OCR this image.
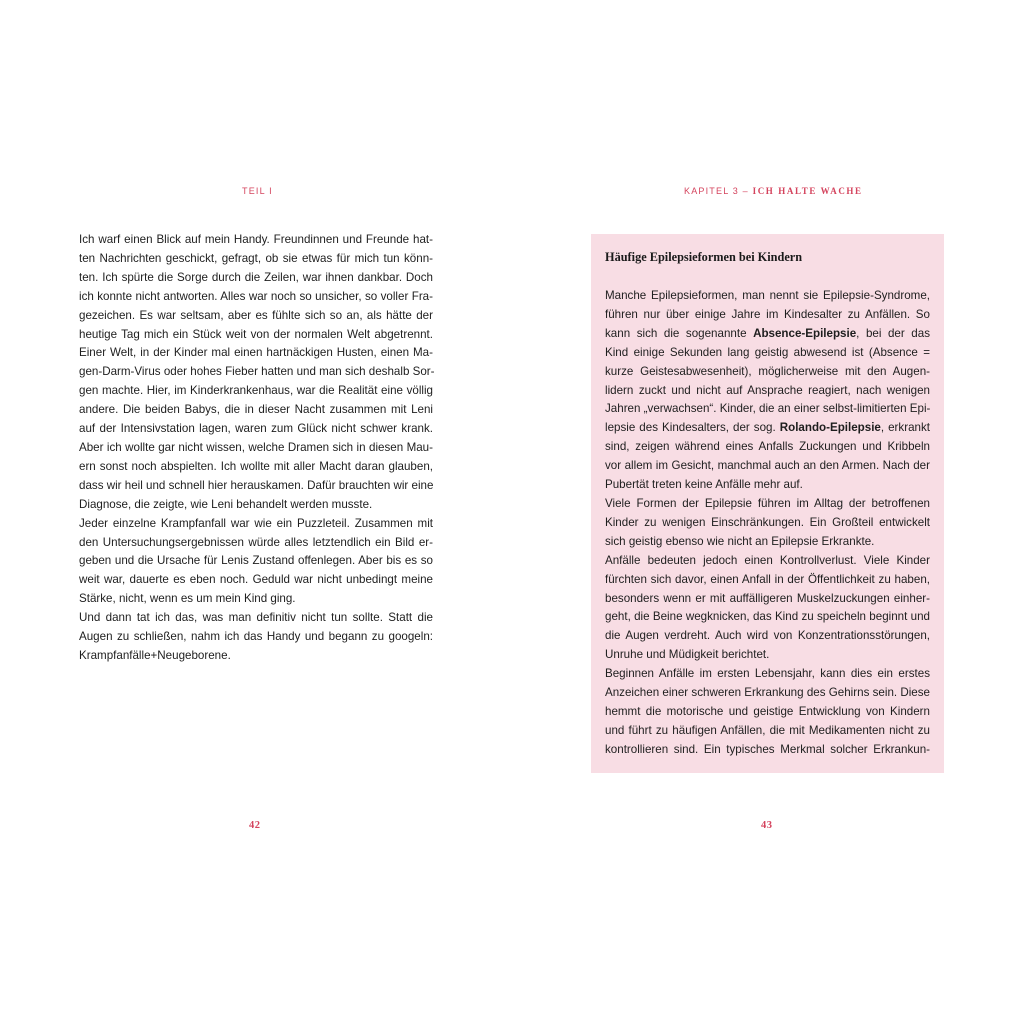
TEIL I	KAPITEL 3 – ICH HALTE WACHE
Ich warf einen Blick auf mein Handy. Freundinnen und Freunde hat-
ten Nachrichten geschickt, gefragt, ob sie etwas für mich tun könn-
ten. Ich spürte die Sorge durch die Zeilen, war ihnen dankbar. Doch
ich konnte nicht antworten. Alles war noch so unsicher, so voller Fra-
gezeichen. Es war seltsam, aber es fühlte sich so an, als hätte der
heutige Tag mich ein Stück weit von der normalen Welt abgetrennt.
Einer Welt, in der Kinder mal einen hartnäckigen Husten, einen Ma-
gen-Darm-Virus oder hohes Fieber hatten und man sich deshalb Sor-
gen machte. Hier, im Kinderkrankenhaus, war die Realität eine völlig
andere. Die beiden Babys, die in dieser Nacht zusammen mit Leni
auf der Intensivstation lagen, waren zum Glück nicht schwer krank.
Aber ich wollte gar nicht wissen, welche Dramen sich in diesen Mau-
ern sonst noch abspielten. Ich wollte mit aller Macht daran glauben,
dass wir heil und schnell hier herauskamen. Dafür brauchten wir eine
Diagnose, die zeigte, wie Leni behandelt werden musste.
Jeder einzelne Krampfanfall war wie ein Puzzleteil. Zusammen mit
den Untersuchungsergebnissen würde alles letztendlich ein Bild er-
geben und die Ursache für Lenis Zustand offenlegen. Aber bis es so
weit war, dauerte es eben noch. Geduld war nicht unbedingt meine
Stärke, nicht, wenn es um mein Kind ging.
Und dann tat ich das, was man definitiv nicht tun sollte. Statt die
Augen zu schließen, nahm ich das Handy und begann zu googeln:
Krampfanfälle+Neugeborene.
Häufige Epilepsieformen bei Kindern
Manche Epilepsieformen, man nennt sie Epilepsie-Syndrome,
führen nur über einige Jahre im Kindesalter zu Anfällen. So
kann sich die sogenannte Absence-Epilepsie, bei der das
Kind einige Sekunden lang geistig abwesend ist (Absence =
kurze Geistesabwesenheit), möglicherweise mit den Augen-
lidern zuckt und nicht auf Ansprache reagiert, nach wenigen
Jahren „verwachsen“. Kinder, die an einer selbst-limitierten Epi-
lepsie des Kindesalters, der sog. Rolando-Epilepsie, erkrankt
sind, zeigen während eines Anfalls Zuckungen und Kribbeln
vor allem im Gesicht, manchmal auch an den Armen. Nach der
Pubertät treten keine Anfälle mehr auf.
Viele Formen der Epilepsie führen im Alltag der betroffenen
Kinder zu wenigen Einschränkungen. Ein Großteil entwickelt
sich geistig ebenso wie nicht an Epilepsie Erkrankte.
Anfälle bedeuten jedoch einen Kontrollverlust. Viele Kinder
fürchten sich davor, einen Anfall in der Öffentlichkeit zu haben,
besonders wenn er mit auffälligeren Muskelzuckungen einher-
geht, die Beine wegknicken, das Kind zu speicheln beginnt und
die Augen verdreht. Auch wird von Konzentrationsstörungen,
Unruhe und Müdigkeit berichtet.
Beginnen Anfälle im ersten Lebensjahr, kann dies ein erstes
Anzeichen einer schweren Erkrankung des Gehirns sein. Diese
hemmt die motorische und geistige Entwicklung von Kindern
und führt zu häufigen Anfällen, die mit Medikamenten nicht zu
kontrollieren sind. Ein typisches Merkmal solcher Erkrankun-
42	43
